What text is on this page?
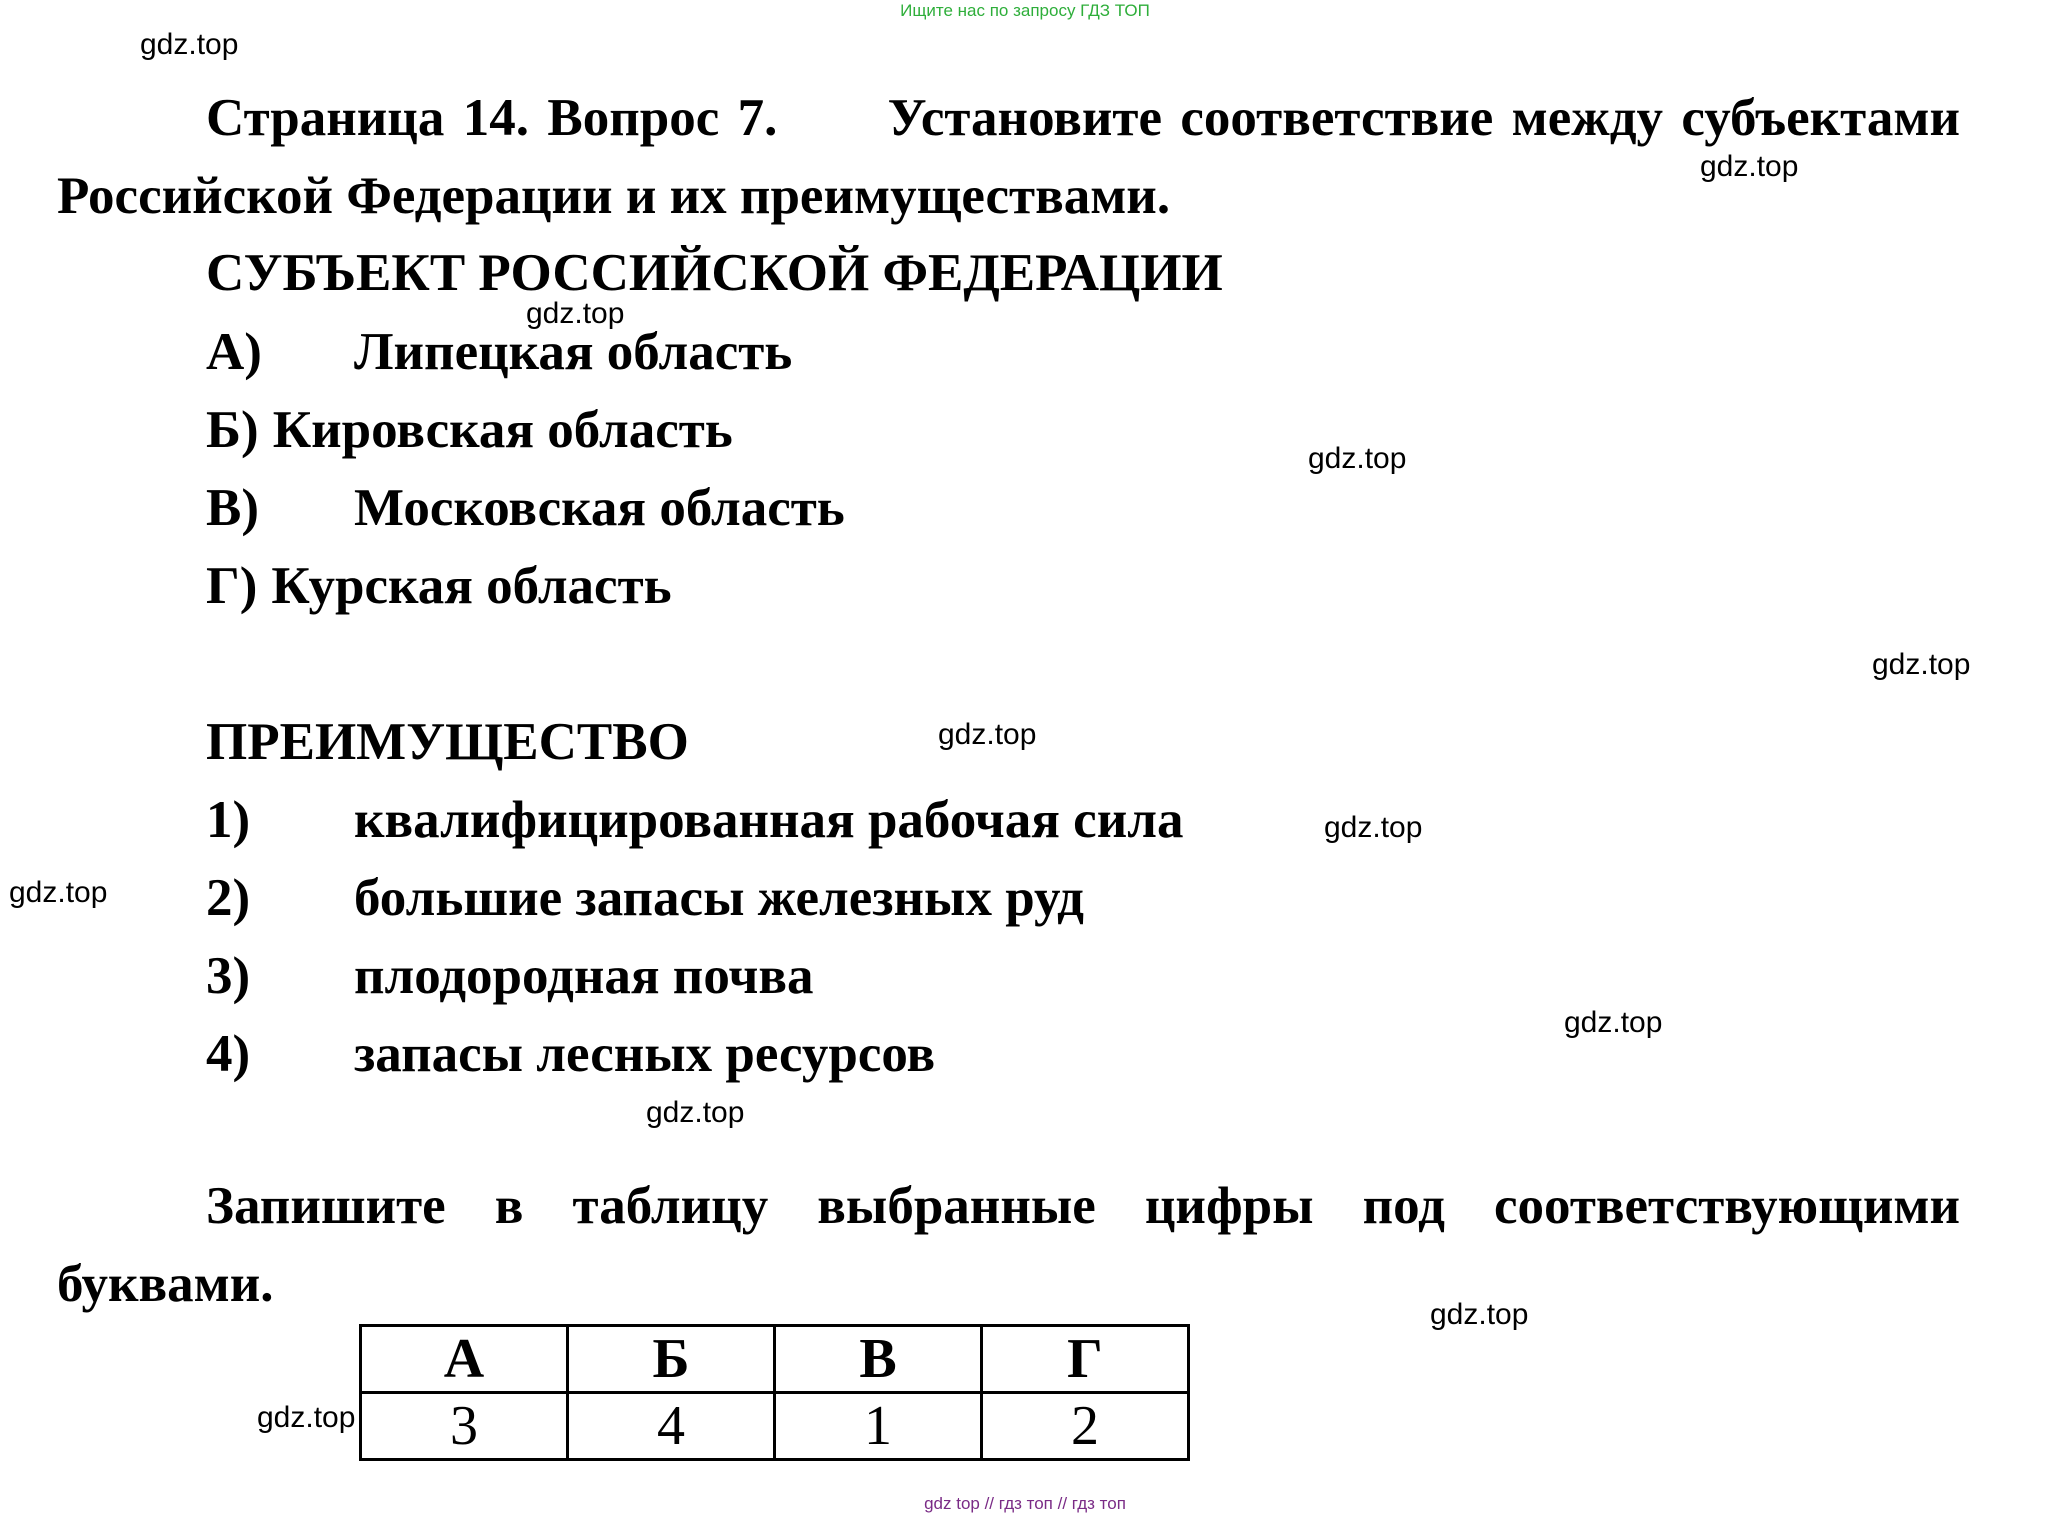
Ищите нас по запросу ГДЗ ТОП
gdz.top
gdz.top
gdz.top
gdz.top
gdz.top
gdz.top
gdz.top
gdz.top
gdz.top
gdz.top
gdz.top
gdz.top
Страница 14. Вопрос 7. Установите соответствие между субъектами Российской Федерации и их преимуществами.
СУБЪЕКТ РОССИЙСКОЙ ФЕДЕРАЦИИ
А) Липецкая область
Б) Кировская область
В) Московская область
Г) Курская область
ПРЕИМУЩЕСТВО
1) квалифицированная рабочая сила
2) большие запасы железных руд
3) плодородная почва
4) запасы лесных ресурсов
Запишите в таблицу выбранные цифры под соответствующими буквами.
А	Б	В	Г
3	4	1	2
gdz top // гдз топ // гдз топ
